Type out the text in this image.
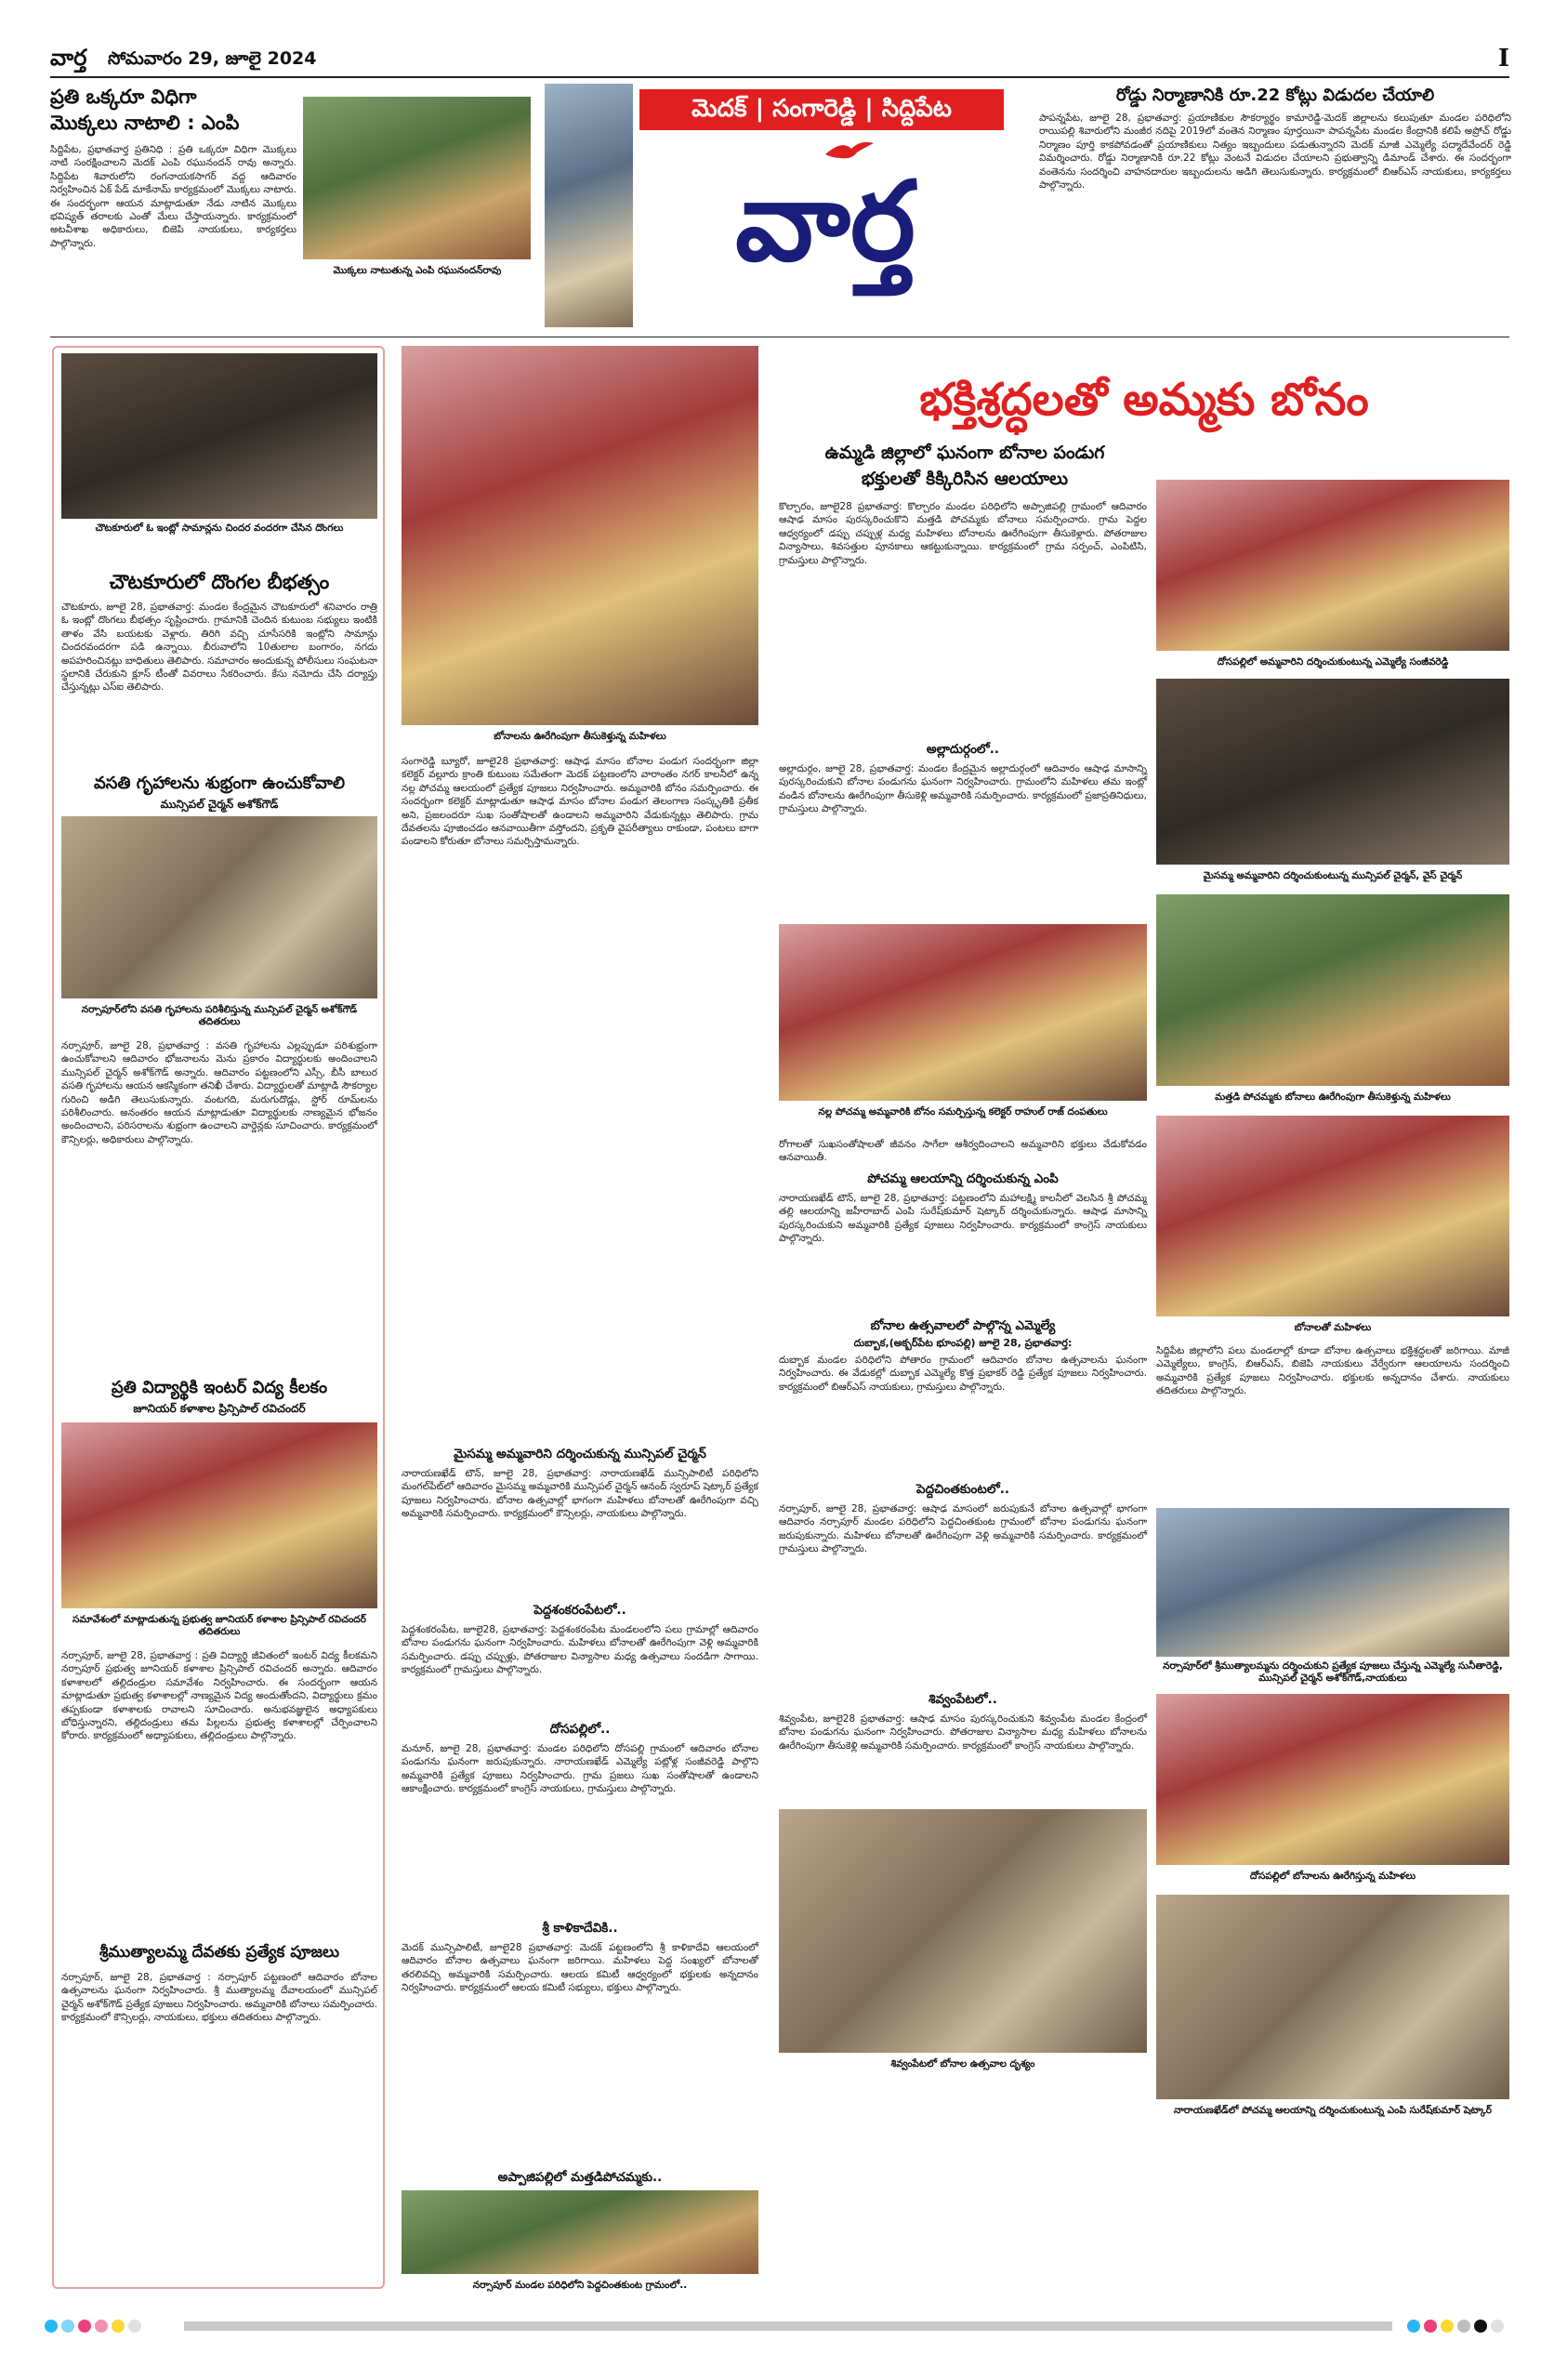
వార్త సోమవారం 29, జూలై 2024	I
ప్రతి ఒక్కరూ విధిగా
మొక్కలు నాటాలి : ఎంపి
సిద్దిపేట, ప్రభాతవార్త ప్రతినిధి : ప్రతి ఒక్కరూ విధిగా మొక్కలు నాటి సంరక్షించాలని మెదక్ ఎంపి రఘునందన్ రావు అన్నారు. సిద్దిపేట శివారులోని రంగనాయకసాగర్ వద్ద ఆదివారం నిర్వహించిన ఏక్ పేడ్ మాకేనామ్ కార్యక్రమంలో మొక్కలు నాటారు. ఈ సందర్భంగా ఆయన మాట్లాడుతూ నేడు నాటిన మొక్కలు భవిష్యత్ తరాలకు ఎంతో మేలు చేస్తాయన్నారు. కార్యక్రమంలో అటవీశాఖ అధికారులు, బిజెపి నాయకులు, కార్యకర్తలు పాల్గొన్నారు.
మొక్కలు నాటుతున్న ఎంపి రఘునందన్‌రావు
మెదక్ | సంగారెడ్డి | సిద్దిపేట
వార్త
రోడ్డు నిర్మాణానికి రూ.22 కోట్లు విడుదల చేయాలి
పాపన్నపేట, జూలై 28, ప్రభాతవార్త: ప్రయాణికుల సౌకర్యార్థం కామారెడ్డి-మెదక్ జిల్లాలను కలుపుతూ మండల పరిధిలోని రాయిపల్లి శివారులోని మంజీర నదిపై 2019లో వంతెన నిర్మాణం పూర్తయినా పాపన్నపేట మండల కేంద్రానికి కలిపే అప్రోచ్ రోడ్డు నిర్మాణం పూర్తి కాకపోవడంతో ప్రయాణికులు నిత్యం ఇబ్బందులు పడుతున్నారని మెదక్ మాజీ ఎమ్మెల్యే పద్మాదేవేందర్ రెడ్డి విమర్శించారు. రోడ్డు నిర్మాణానికి రూ.22 కోట్లు వెంటనే విడుదల చేయాలని ప్రభుత్వాన్ని డిమాండ్ చేశారు. ఈ సందర్భంగా వంతెనను సందర్శించి వాహనదారుల ఇబ్బందులను అడిగి తెలుసుకున్నారు. కార్యక్రమంలో బిఆర్ఎస్ నాయకులు, కార్యకర్తలు పాల్గొన్నారు.
చౌటకూరులో ఓ ఇంట్లో సామాన్లను చిందర వందరగా చేసిన దొంగలు
చౌటకూరులో దొంగల బీభత్సం
చౌటకూరు, జూలై 28, ప్రభాతవార్త: మండల కేంద్రమైన చౌటకూరులో శనివారం రాత్రి ఓ ఇంట్లో దొంగలు బీభత్సం సృష్టించారు. గ్రామానికి చెందిన కుటుంబ సభ్యులు ఇంటికి తాళం వేసి బయటకు వెళ్లారు. తిరిగి వచ్చి చూసేసరికి ఇంట్లోని సామాన్లు చిందరవందరగా పడి ఉన్నాయి. బీరువాలోని 10తులాల బంగారం, నగదు అపహరించినట్లు బాధితులు తెలిపారు. సమాచారం అందుకున్న పోలీసులు సంఘటనా స్థలానికి చేరుకుని క్లూస్ టీంతో వివరాలు సేకరించారు. కేసు నమోదు చేసి దర్యాప్తు చేస్తున్నట్లు ఎస్ఐ తెలిపారు.
వసతి గృహాలను శుభ్రంగా ఉంచుకోవాలి
మున్సిపల్ చైర్మన్ అశోక్‌గౌడ్
నర్సాపూర్‌లోని వసతి గృహాలను పరిశీలిస్తున్న మున్సిపల్ చైర్మన్ అశోక్‌గౌడ్ తదితరులు
నర్సాపూర్, జూలై 28, ప్రభాతవార్త : వసతి గృహాలను ఎల్లప్పుడూ పరిశుభ్రంగా ఉంచుకోవాలని ఆదివారం భోజనాలను మెను ప్రకారం విద్యార్థులకు అందించాలని మున్సిపల్ చైర్మన్ అశోక్‌గౌడ్ అన్నారు. ఆదివారం పట్టణంలోని ఎస్సీ, బీసీ బాలుర వసతి గృహాలను ఆయన ఆకస్మికంగా తనిఖీ చేశారు. విద్యార్థులతో మాట్లాడి సౌకర్యాల గురించి అడిగి తెలుసుకున్నారు. వంటగది, మరుగుదొడ్లు, స్టోర్ రూమ్‌లను పరిశీలించారు. అనంతరం ఆయన మాట్లాడుతూ విద్యార్థులకు నాణ్యమైన భోజనం అందించాలని, పరిసరాలను శుభ్రంగా ఉంచాలని వార్డెన్లకు సూచించారు. కార్యక్రమంలో కౌన్సిలర్లు, అధికారులు పాల్గొన్నారు.
ప్రతి విద్యార్థికి ఇంటర్ విద్య కీలకం
జూనియర్ కళాశాల ప్రిన్సిపాల్ రవిచందర్
సమావేశంలో మాట్లాడుతున్న ప్రభుత్వ జూనియర్ కళాశాల ప్రిన్సిపాల్ రవిచందర్ తదితరులు
నర్సాపూర్, జూలై 28, ప్రభాతవార్త : ప్రతి విద్యార్థి జీవితంలో ఇంటర్ విద్య కీలకమని నర్సాపూర్ ప్రభుత్వ జూనియర్ కళాశాల ప్రిన్సిపాల్ రవిచందర్ అన్నారు. ఆదివారం కళాశాలలో తల్లిదండ్రుల సమావేశం నిర్వహించారు. ఈ సందర్భంగా ఆయన మాట్లాడుతూ ప్రభుత్వ కళాశాలల్లో నాణ్యమైన విద్య అందుతోందని, విద్యార్థులు క్రమం తప్పకుండా కళాశాలకు రావాలని సూచించారు. అనుభవజ్ఞులైన అధ్యాపకులు బోధిస్తున్నారని, తల్లిదండ్రులు తమ పిల్లలను ప్రభుత్వ కళాశాలల్లో చేర్పించాలని కోరారు. కార్యక్రమంలో అధ్యాపకులు, తల్లిదండ్రులు పాల్గొన్నారు.
శ్రీముత్యాలమ్మ దేవతకు ప్రత్యేక పూజలు
నర్సాపూర్, జూలై 28, ప్రభాతవార్త : నర్సాపూర్ పట్టణంలో ఆదివారం బోనాల ఉత్సవాలను ఘనంగా నిర్వహించారు. శ్రీ ముత్యాలమ్మ దేవాలయంలో మున్సిపల్ చైర్మన్ అశోక్‌గౌడ్ ప్రత్యేక పూజలు నిర్వహించారు. అమ్మవారికి బోనాలు సమర్పించారు. కార్యక్రమంలో కౌన్సిలర్లు, నాయకులు, భక్తులు తదితరులు పాల్గొన్నారు.
బోనాలను ఊరేగింపుగా తీసుకెళ్తున్న మహిళలు
సంగారెడ్డి బ్యూరో, జూలై28 ప్రభాతవార్త: ఆషాఢ మాసం బోనాల పండుగ సందర్భంగా జిల్లా కలెక్టర్ వల్లూరు క్రాంతి కుటుంబ సమేతంగా మెదక్ పట్టణంలోని వారాంతం నగర్ కాలనీలో ఉన్న నల్ల పోచమ్మ ఆలయంలో ప్రత్యేక పూజలు నిర్వహించారు. అమ్మవారికి బోనం సమర్పించారు. ఈ సందర్భంగా కలెక్టర్ మాట్లాడుతూ ఆషాఢ మాసం బోనాల పండుగ తెలంగాణ సంస్కృతికి ప్రతీక అని, ప్రజలందరూ సుఖ సంతోషాలతో ఉండాలని అమ్మవారిని వేడుకున్నట్లు తెలిపారు. గ్రామ దేవతలను పూజించడం ఆనవాయితీగా వస్తోందని, ప్రకృతి వైపరీత్యాలు రాకుండా, పంటలు బాగా పండాలని కోరుతూ బోనాలు సమర్పిస్తామన్నారు.
మైసమ్మ అమ్మవారిని దర్శించుకున్న మున్సిపల్ చైర్మన్
నారాయణఖేడ్ టౌన్, జూలై 28, ప్రభాతవార్త: నారాయణఖేడ్ మున్సిపాలిటీ పరిధిలోని మంగల్‌పేట్‌లో ఆదివారం మైసమ్మ అమ్మవారికి మున్సిపల్ చైర్మన్ ఆనంద్ స్వరూప్ షెట్కార్ ప్రత్యేక పూజలు నిర్వహించారు. బోనాల ఉత్సవాల్లో భాగంగా మహిళలు బోనాలతో ఊరేగింపుగా వచ్చి అమ్మవారికి సమర్పించారు. కార్యక్రమంలో కౌన్సిలర్లు, నాయకులు పాల్గొన్నారు.
పెద్దశంకరంపేటలో..
పెద్దశంకరంపేట, జూలై28, ప్రభాతవార్త: పెద్దశంకరంపేట మండలంలోని పలు గ్రామాల్లో ఆదివారం బోనాల పండుగను ఘనంగా నిర్వహించారు. మహిళలు బోనాలతో ఊరేగింపుగా వెళ్లి అమ్మవారికి సమర్పించారు. డప్పు చప్పుళ్లు, పోతరాజుల విన్యాసాల మధ్య ఉత్సవాలు సందడిగా సాగాయి. కార్యక్రమంలో గ్రామస్తులు పాల్గొన్నారు.
దోసపల్లిలో..
మనూర్, జూలై 28, ప్రభాతవార్త: మండల పరిధిలోని దోసపల్లి గ్రామంలో ఆదివారం బోనాల పండుగను ఘనంగా జరుపుకున్నారు. నారాయణఖేడ్ ఎమ్మెల్యే పట్లోళ్ల సంజీవరెడ్డి పాల్గొని అమ్మవారికి ప్రత్యేక పూజలు నిర్వహించారు. గ్రామ ప్రజలు సుఖ సంతోషాలతో ఉండాలని ఆకాంక్షించారు. కార్యక్రమంలో కాంగ్రెస్ నాయకులు, గ్రామస్తులు పాల్గొన్నారు.
శ్రీ కాళికాదేవికి..
మెదక్ మున్సిపాలిటీ, జూలై28 ప్రభాతవార్త: మెదక్ పట్టణంలోని శ్రీ కాళికాదేవి ఆలయంలో ఆదివారం బోనాల ఉత్సవాలు ఘనంగా జరిగాయి. మహిళలు పెద్ద సంఖ్యలో బోనాలతో తరలివచ్చి అమ్మవారికి సమర్పించారు. ఆలయ కమిటీ ఆధ్వర్యంలో భక్తులకు అన్నదానం నిర్వహించారు. కార్యక్రమంలో ఆలయ కమిటీ సభ్యులు, భక్తులు పాల్గొన్నారు.
అప్పాజిపల్లిలో మత్తడిపోచమ్మకు..
నర్సాపూర్ మండల పరిధిలోని పెద్దచింతకుంట గ్రామంలో..
భక్తిశ్రద్ధలతో అమ్మకు బోనం
ఉమ్మడి జిల్లాలో ఘనంగా బోనాల పండుగ
భక్తులతో కిక్కిరిసిన ఆలయాలు
కొల్చారం, జూలై28 ప్రభాతవార్త: కొల్చారం మండల పరిధిలోని అప్పాజిపల్లి గ్రామంలో ఆదివారం ఆషాఢ మాసం పురస్కరించుకొని మత్తడి పోచమ్మకు బోనాలు సమర్పించారు. గ్రామ పెద్దల ఆధ్వర్యంలో డప్పు చప్పుళ్ల మధ్య మహిళలు బోనాలను ఊరేగింపుగా తీసుకెళ్లారు. పోతరాజుల విన్యాసాలు, శివసత్తుల పూనకాలు ఆకట్టుకున్నాయి. కార్యక్రమంలో గ్రామ సర్పంచ్, ఎంపిటిసి, గ్రామస్తులు పాల్గొన్నారు.
అల్లాదుర్గంలో..
అల్లాదుర్గం, జూలై 28, ప్రభాతవార్త: మండల కేంద్రమైన అల్లాదుర్గంలో ఆదివారం ఆషాఢ మాసాన్ని పురస్కరించుకుని బోనాల పండుగను ఘనంగా నిర్వహించారు. గ్రామంలోని మహిళలు తమ ఇంట్లో వండిన బోనాలను ఊరేగింపుగా తీసుకెళ్లి అమ్మవారికి సమర్పించారు. కార్యక్రమంలో ప్రజాప్రతినిధులు, గ్రామస్తులు పాల్గొన్నారు.
నల్ల పోచమ్మ అమ్మవారికి బోనం సమర్పిస్తున్న కలెక్టర్ రాహుల్ రాజ్ దంపతులు
రోగాలతో సుఖసంతోషాలతో జీవనం సాగేలా ఆశీర్వదించాలని అమ్మవారిని భక్తులు వేడుకోవడం ఆనవాయితీ.
పోచమ్మ ఆలయాన్ని దర్శించుకున్న ఎంపి
నారాయణఖేడ్ టౌన్, జూలై 28, ప్రభాతవార్త: పట్టణంలోని మహాలక్ష్మి కాలనీలో వెలసిన శ్రీ పోచమ్మ తల్లి ఆలయాన్ని జహీరాబాద్ ఎంపి సురేష్‌కుమార్ షెట్కార్ దర్శించుకున్నారు. ఆషాఢ మాసాన్ని పురస్కరించుకుని అమ్మవారికి ప్రత్యేక పూజలు నిర్వహించారు. కార్యక్రమంలో కాంగ్రెస్ నాయకులు పాల్గొన్నారు.
బోనాల ఉత్సవాలలో పాల్గొన్న ఎమ్మెల్యే
దుబ్బాక,(అక్బర్‌పేట భూంపల్లి) జూలై 28, ప్రభాతవార్త:
దుబ్బాక మండల పరిధిలోని పోతారం గ్రామంలో ఆదివారం బోనాల ఉత్సవాలను ఘనంగా నిర్వహించారు. ఈ వేడుకల్లో దుబ్బాక ఎమ్మెల్యే కొత్త ప్రభాకర్ రెడ్డి ప్రత్యేక పూజలు నిర్వహించారు. కార్యక్రమంలో బిఆర్ఎస్ నాయకులు, గ్రామస్తులు పాల్గొన్నారు.
పెద్దచింతకుంటలో..
నర్సాపూర్, జూలై 28, ప్రభాతవార్త: ఆషాఢ మాసంలో జరుపుకునే బోనాల ఉత్సవాల్లో భాగంగా ఆదివారం నర్సాపూర్ మండల పరిధిలోని పెద్దచింతకుంట గ్రామంలో బోనాల పండుగను ఘనంగా జరుపుకున్నారు. మహిళలు బోనాలతో ఊరేగింపుగా వెళ్లి అమ్మవారికి సమర్పించారు. కార్యక్రమంలో గ్రామస్తులు పాల్గొన్నారు.
శివ్వంపేటలో..
శివ్వంపేట, జూలై28 ప్రభాతవార్త: ఆషాఢ మాసం పురస్కరించుకుని శివ్వంపేట మండల కేంద్రంలో బోనాల పండుగను ఘనంగా నిర్వహించారు. పోతరాజుల విన్యాసాల మధ్య మహిళలు బోనాలను ఊరేగింపుగా తీసుకెళ్లి అమ్మవారికి సమర్పించారు. కార్యక్రమంలో కాంగ్రెస్ నాయకులు పాల్గొన్నారు.
శివ్వంపేటలో బోనాల ఉత్సవాల దృశ్యం
దోసపల్లిలో అమ్మవారిని దర్శించుకుంటున్న ఎమ్మెల్యే సంజీవరెడ్డి
మైసమ్మ అమ్మవారిని దర్శించుకుంటున్న మున్సిపల్ చైర్మన్, వైస్ చైర్మన్
మత్తడి పోచమ్మకు బోనాలు ఊరేగింపుగా తీసుకెళ్తున్న మహిళలు
బోనాలతో మహిళలు
సిద్దిపేట జిల్లాలోని పలు మండలాల్లో కూడా బోనాల ఉత్సవాలు భక్తిశ్రద్ధలతో జరిగాయి. మాజీ ఎమ్మెల్యేలు, కాంగ్రెస్, బిఆర్ఎస్, బిజెపి నాయకులు వేర్వేరుగా ఆలయాలను సందర్శించి అమ్మవారికి ప్రత్యేక పూజలు నిర్వహించారు. భక్తులకు అన్నదానం చేశారు. నాయకులు తదితరులు పాల్గొన్నారు.
నర్సాపూర్‌లో శ్రీముత్యాలమ్మను దర్శించుకుని ప్రత్యేక పూజలు చేస్తున్న ఎమ్మెల్యే సునీతారెడ్డి, మున్సిపల్ చైర్మన్ అశోక్‌గౌడ్,నాయకులు
దోసపల్లిలో బోనాలను ఊరేగిస్తున్న మహిళలు
నారాయణఖేడ్‌లో పోచమ్మ ఆలయాన్ని దర్శించుకుంటున్న ఎంపి సురేష్‌కుమార్ షెట్కార్
